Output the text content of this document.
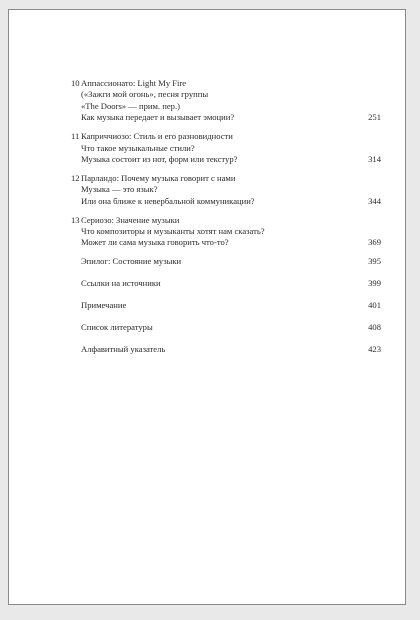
10 Аппассионато: Light My Fire
(«Зажги мой огонь», песня группы
«The Doors» — прим. пер.)
Как музыка передает и вызывает эмоции?	251
11 Каприччиозо: Стиль и его разновидности
Что такое музыкальные стили?
Музыка состоит из нот, форм или текстур?	314
12 Парландо: Почему музыка говорит с нами
Музыка — это язык?
Или она ближе к невербальной коммуникации?	344
13 Сериозо: Значение музыки
Что композиторы и музыканты хотят нам сказать?
Может ли сама музыка говорить что-то?	369
Эпилог: Состояние музыки	395
Ссылки на источники	399
Примечание	401
Список литературы	408
Алфавитный указатель	423
